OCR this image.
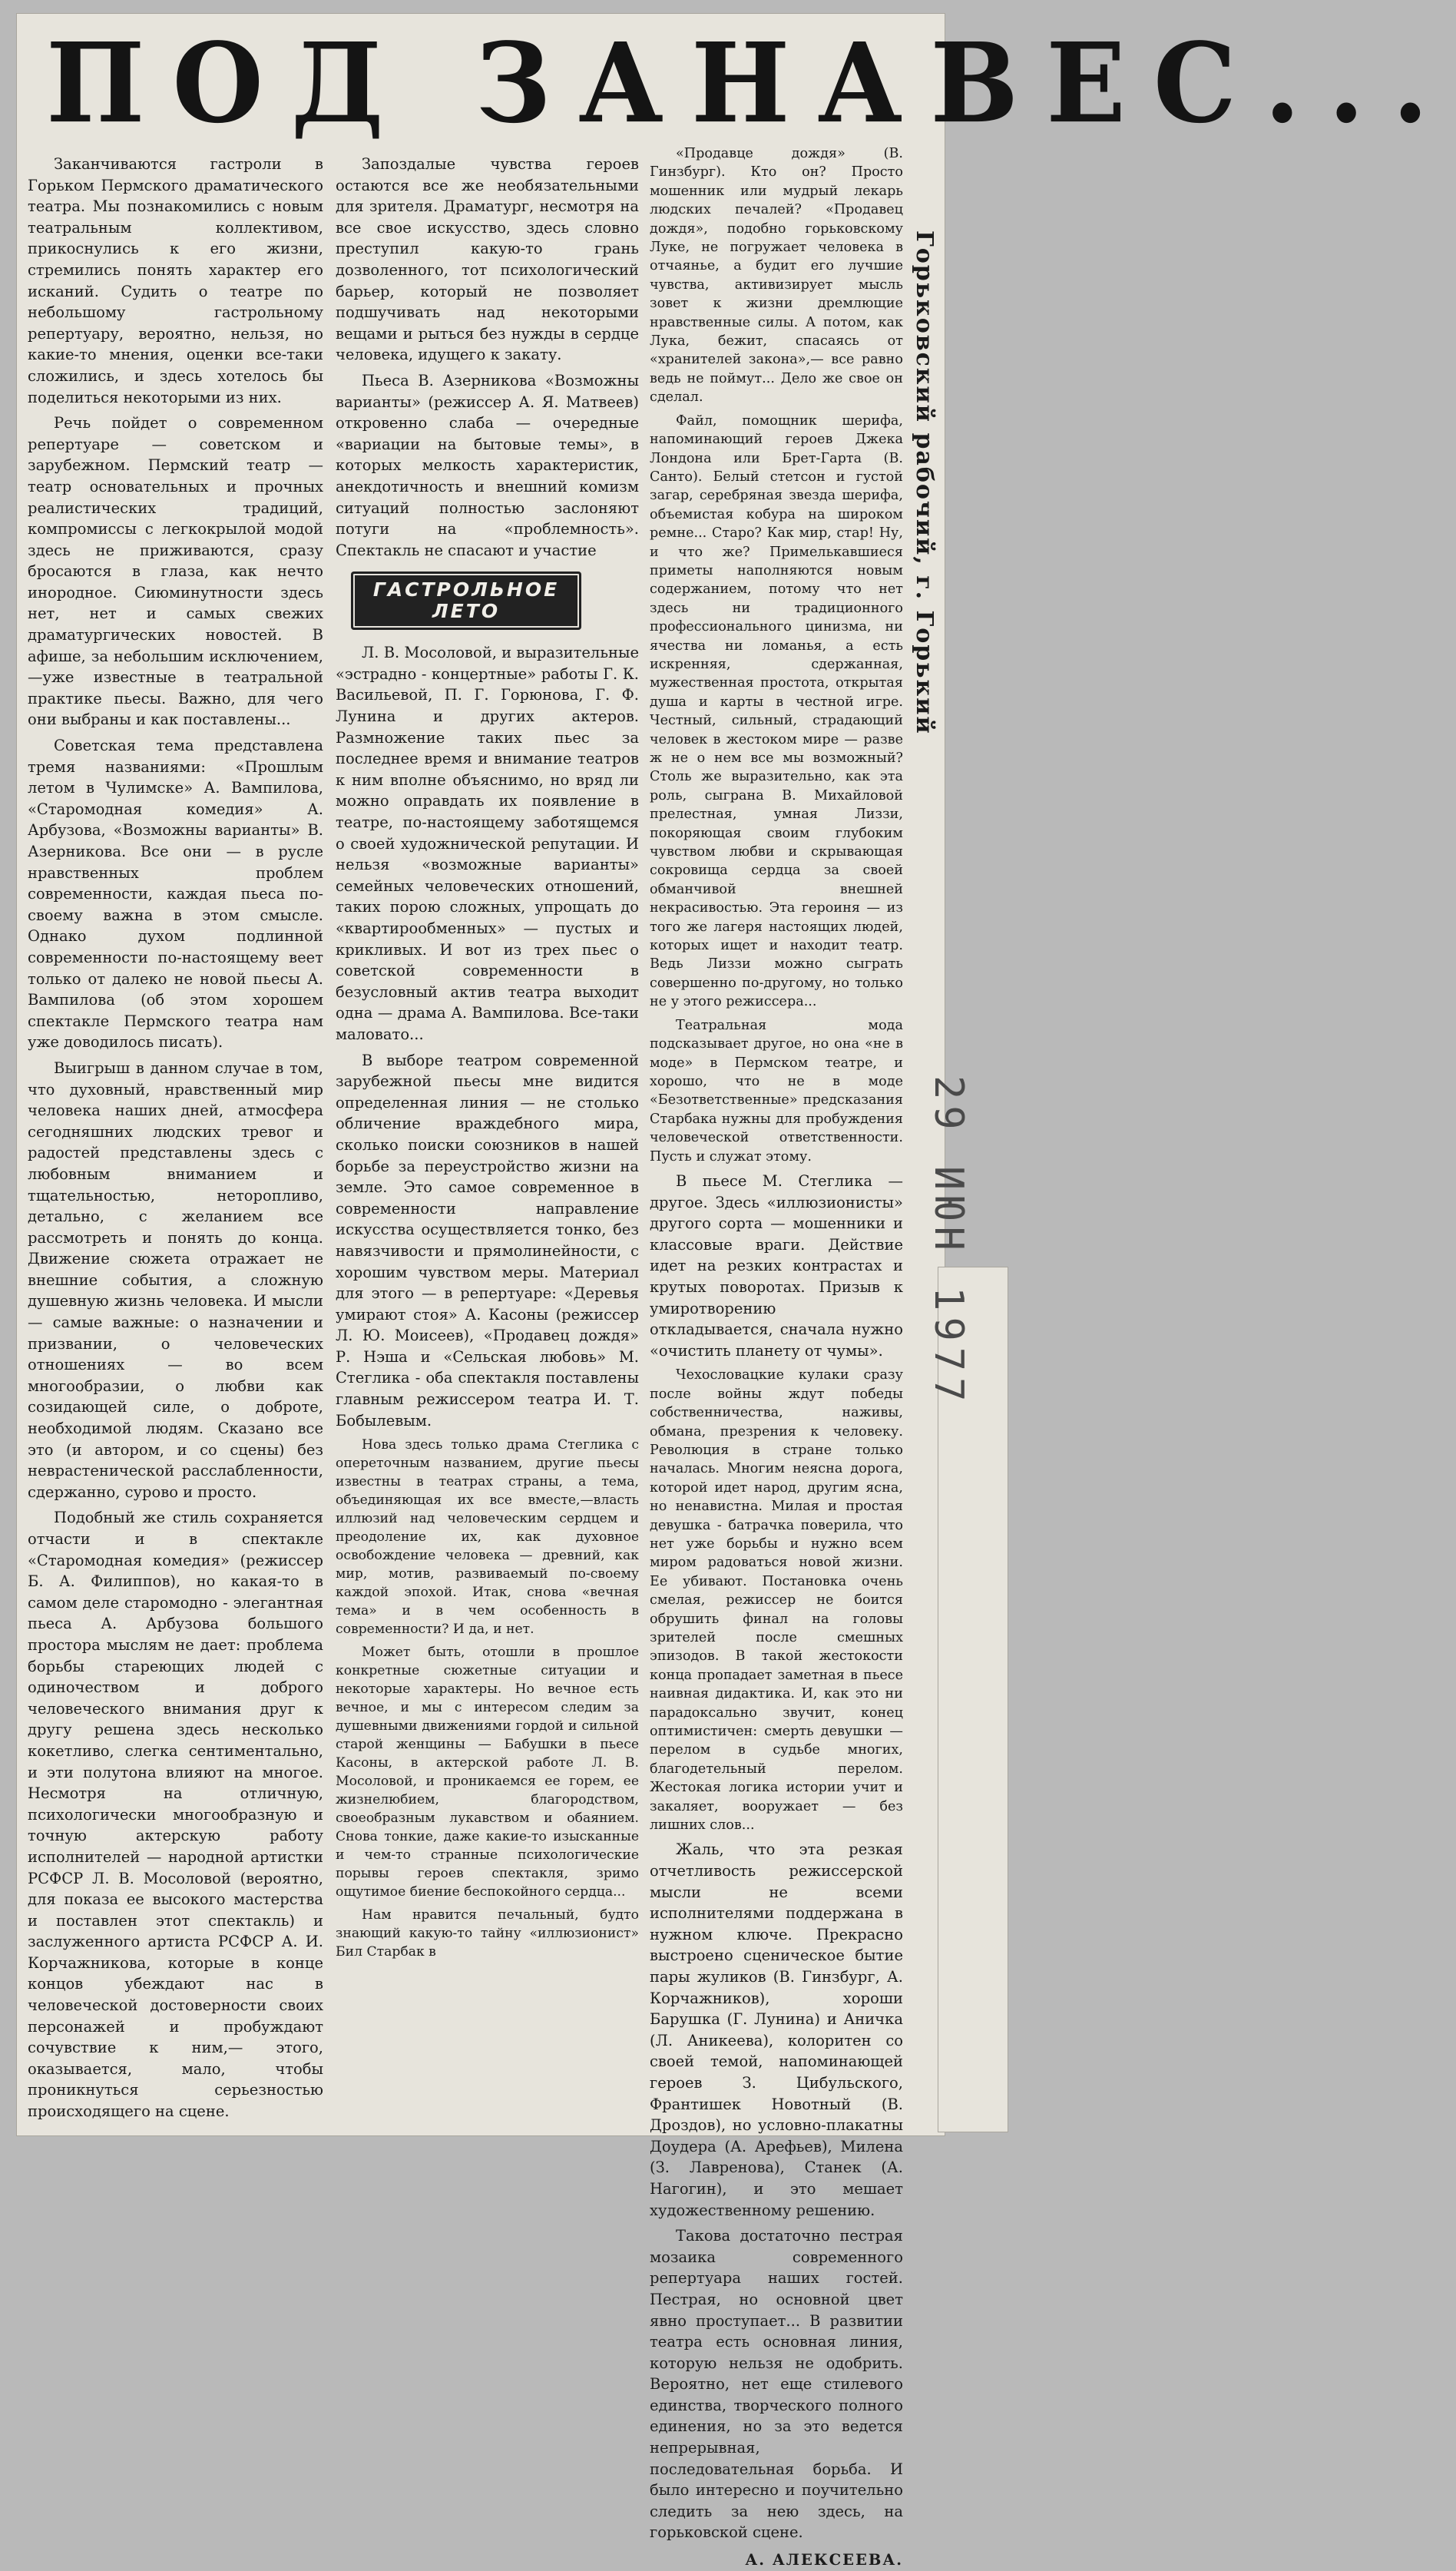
ПОД ЗАНАВЕС...

Заканчиваются гастроли в Горьком Пермского драматического театра. Мы познакомились с новым театральным коллективом, прикоснулись к его жизни, стремились понять характер его исканий. Судить о театре по небольшому гастрольному репертуару, вероятно, нельзя, но какие-то мнения, оценки все-таки сложились, и здесь хотелось бы поделиться некоторыми из них.

Речь пойдет о современном репертуаре — советском и зарубежном. Пермский театр — театр основательных и прочных реалистических традиций, компромиссы с легкокрылой модой здесь не приживаются, сразу бросаются в глаза, как нечто инородное. Сиюминутности здесь нет, нет и самых свежих драматургических новостей. В афише, за небольшим исключением,—уже известные в театральной практике пьесы. Важно, для чего они выбраны и как поставлены...

Советская тема представлена тремя названиями: «Прошлым летом в Чулимске» А. Вампилова, «Старомодная комедия» А. Арбузова, «Возможны варианты» В. Азерникова. Все они — в русле нравственных проблем современности, каждая пьеса по-своему важна в этом смысле. Однако духом подлинной современности по-настоящему веет только от далеко не новой пьесы А. Вампилова (об этом хорошем спектакле Пермского театра нам уже доводилось писать).

Выигрыш в данном случае в том, что духовный, нравственный мир человека наших дней, атмосфера сегодняшних людских тревог и радостей представлены здесь с любовным вниманием и тщательностью, неторопливо, детально, с желанием все рассмотреть и понять до конца. Движение сюжета отражает не внешние события, а сложную душевную жизнь человека. И мысли — самые важные: о назначении и призвании, о человеческих отношениях — во всем многообразии, о любви как созидающей силе, о доброте, необходимой людям. Сказано все это (и автором, и со сцены) без неврастенической расслабленности, сдержанно, сурово и просто.

Подобный же стиль сохраняется отчасти и в спектакле «Старомодная комедия» (режиссер Б. А. Филиппов), но какая-то в самом деле старомодно - элегантная пьеса А. Арбузова большого простора мыслям не дает: проблема борьбы стареющих людей с одиночеством и доброго человеческого внимания друг к другу решена здесь несколько кокетливо, слегка сентиментально, и эти полутона влияют на многое. Несмотря на отличную, психологически многообразную и точную актерскую работу исполнителей — народной артистки РСФСР Л. В. Мосоловой (вероятно, для показа ее высокого мастерства и поставлен этот спектакль) и заслуженного артиста РСФСР А. И. Корчажникова, которые в конце концов убеждают нас в человеческой достоверности своих персонажей и пробуждают сочувствие к ним,— этого, оказывается, мало, чтобы проникнуться серьезностью происходящего на сцене.

Запоздалые чувства героев остаются все же необязательными для зрителя. Драматург, несмотря на все свое искусство, здесь словно преступил какую-то грань дозволенного, тот психологический барьер, который не позволяет подшучивать над некоторыми вещами и рыться без нужды в сердце человека, идущего к закату.

Пьеса В. Азерникова «Возможны варианты» (режиссер А. Я. Матвеев) откровенно слаба — очередные «вариации на бытовые темы», в которых мелкость характеристик, анекдотичность и внешний комизм ситуаций полностью заслоняют потуги на «проблемность». Спектакль не спасают и участие

ГАСТРОЛЬНОЕ ЛЕТО

Л. В. Мосоловой, и выразительные «эстрадно - концертные» работы Г. К. Васильевой, П. Г. Горюнова, Г. Ф. Лунина и других актеров. Размножение таких пьес за последнее время и внимание театров к ним вполне объяснимо, но вряд ли можно оправдать их появление в театре, по-настоящему заботящемся о своей художнической репутации. И нельзя «возможные варианты» семейных человеческих отношений, таких порою сложных, упрощать до «квартирообменных» — пустых и крикливых. И вот из трех пьес о советской современности в безусловный актив театра выходит одна — драма А. Вампилова. Все-таки маловато...

В выборе театром современной зарубежной пьесы мне видится определенная линия — не столько обличение враждебного мира, сколько поиски союзников в нашей борьбе за переустройство жизни на земле. Это самое современное в современности направление искусства осуществляется тонко, без навязчивости и прямолинейности, с хорошим чувством меры. Материал для этого — в репертуаре: «Деревья умирают стоя» А. Касоны (режиссер Л. Ю. Моисеев), «Продавец дождя» Р. Нэша и «Сельская любовь» М. Стеглика - оба спектакля поставлены главным режиссером театра И. Т. Бобылевым.

Нова здесь только драма Стеглика с опереточным названием, другие пьесы известны в театрах страны, а тема, объединяющая их все вместе,—власть иллюзий над человеческим сердцем и преодоление их, как духовное освобождение человека — древний, как мир, мотив, развиваемый по-своему каждой эпохой. Итак, снова «вечная тема» и в чем особенность в современности? И да, и нет.

Может быть, отошли в прошлое конкретные сюжетные ситуации и некоторые характеры. Но вечное есть вечное, и мы с интересом следим за душевными движениями гордой и сильной старой женщины — Бабушки в пьесе Касоны, в актерской работе Л. В. Мосоловой, и проникаемся ее горем, ее жизнелюбием, благородством, своеобразным лукавством и обаянием. Снова тонкие, даже какие-то изысканные и чем-то странные психологические порывы героев спектакля, зримо ощутимое биение беспокойного сердца...

Нам нравится печальный, будто знающий какую-то тайну «иллюзионист» Бил Старбак в

«Продавце дождя» (В. Гинзбург). Кто он? Просто мошенник или мудрый лекарь людских печалей? «Продавец дождя», подобно горьковскому Луке, не погружает человека в отчаянье, а будит его лучшие чувства, активизирует мысль зовет к жизни дремлющие нравственные силы. А потом, как Лука, бежит, спасаясь от «хранителей закона»,— все равно ведь не поймут... Дело же свое он сделал.

Файл, помощник шерифа, напоминающий героев Джека Лондона или Брет-Гарта (В. Санто). Белый стетсон и густой загар, серебряная звезда шерифа, объемистая кобура на широком ремне... Старо? Как мир, стар! Ну, и что же? Примелькавшиеся приметы наполняются новым содержанием, потому что нет здесь ни традиционного профессионального цинизма, ни ячества ни ломанья, а есть искренняя, сдержанная, мужественная простота, открытая душа и карты в честной игре. Честный, сильный, страдающий человек в жестоком мире — разве ж не о нем все мы возможный? Столь же выразительно, как эта роль, сыграна В. Михайловой прелестная, умная Лиззи, покоряющая своим глубоким чувством любви и скрывающая сокровища сердца за своей обманчивой внешней некрасивостью. Эта героиня — из того же лагеря настоящих людей, которых ищет и находит театр. Ведь Лиззи можно сыграть совершенно по-другому, но только не у этого режиссера...

Театральная мода подсказывает другое, но она «не в моде» в Пермском театре, и хорошо, что не в моде «Безответственные» предсказания Старбака нужны для пробуждения человеческой ответственности. Пусть и служат этому.

В пьесе М. Стеглика — другое. Здесь «иллюзионисты» другого сорта — мошенники и классовые враги. Действие идет на резких контрастах и крутых поворотах. Призыв к умиротворению откладывается, сначала нужно «очистить планету от чумы».

Чехословацкие кулаки сразу после войны ждут победы собственничества, наживы, обмана, презрения к человеку. Революция в стране только началась. Многим неясна дорога, которой идет народ, другим ясна, но ненавистна. Милая и простая девушка - батрачка поверила, что нет уже борьбы и нужно всем миром радоваться новой жизни. Ее убивают. Постановка очень смелая, режиссер не боится обрушить финал на головы зрителей после смешных эпизодов. В такой жестокости конца пропадает заметная в пьесе наивная дидактика. И, как это ни парадоксально звучит, конец оптимистичен: смерть девушки — перелом в судьбе многих, благодетельный перелом. Жестокая логика истории учит и закаляет, вооружает — без лишних слов...

Жаль, что эта резкая отчетливость режиссерской мысли не всеми исполнителями поддержана в нужном ключе. Прекрасно выстроено сценическое бытие пары жуликов (В. Гинзбург, А. Корчажников), хороши Барушка (Г. Лунина) и Аничка (Л. Аникеева), колоритен со своей темой, напоминающей героев З. Цибульского, Франтишек Новотный (В. Дроздов), но условно-плакатны Доудера (А. Арефьев), Милена (З. Лавренова), Станек (А. Нагогин), и это мешает художественному решению.

Такова достаточно пестрая мозаика современного репертуара наших гостей. Пестрая, но основной цвет явно проступает... В развитии театра есть основная линия, которую нельзя не одобрить. Вероятно, нет еще стилевого единства, творческого полного единения, но за это ведется непрерывная, последовательная борьба. И было интересно и поучительно следить за нею здесь, на горьковской сцене.

А. АЛЕКСЕЕВА.

Горьковский рабочий, г. Горький
29 ИЮН 1977
